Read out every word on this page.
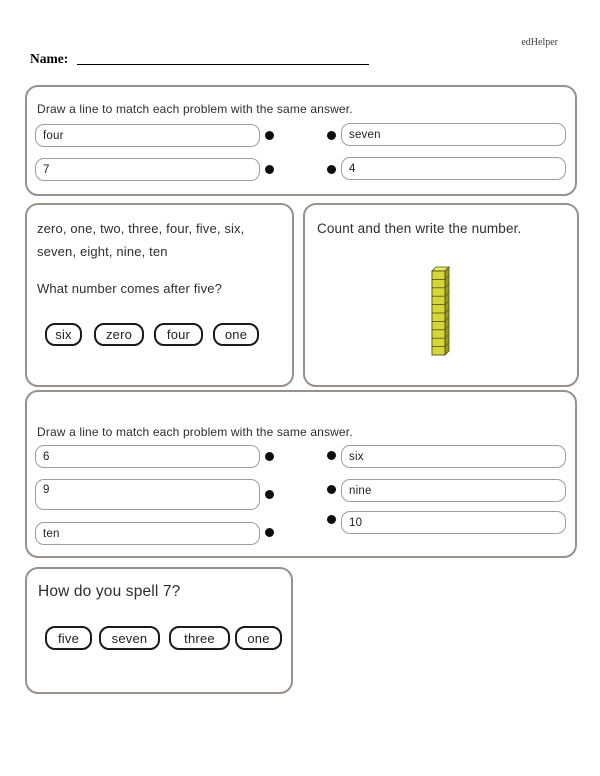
edHelper
Name:
Draw a line to match each problem with the same answer.
four
7
seven
4
zero, one, two, three, four, five, six,
seven, eight, nine, ten
What number comes after five?
six	zero	four	one
Count and then write the number.
Draw a line to match each problem with the same answer.
6
9
ten
six
nine
10
How do you spell 7?
five	seven	three	one
